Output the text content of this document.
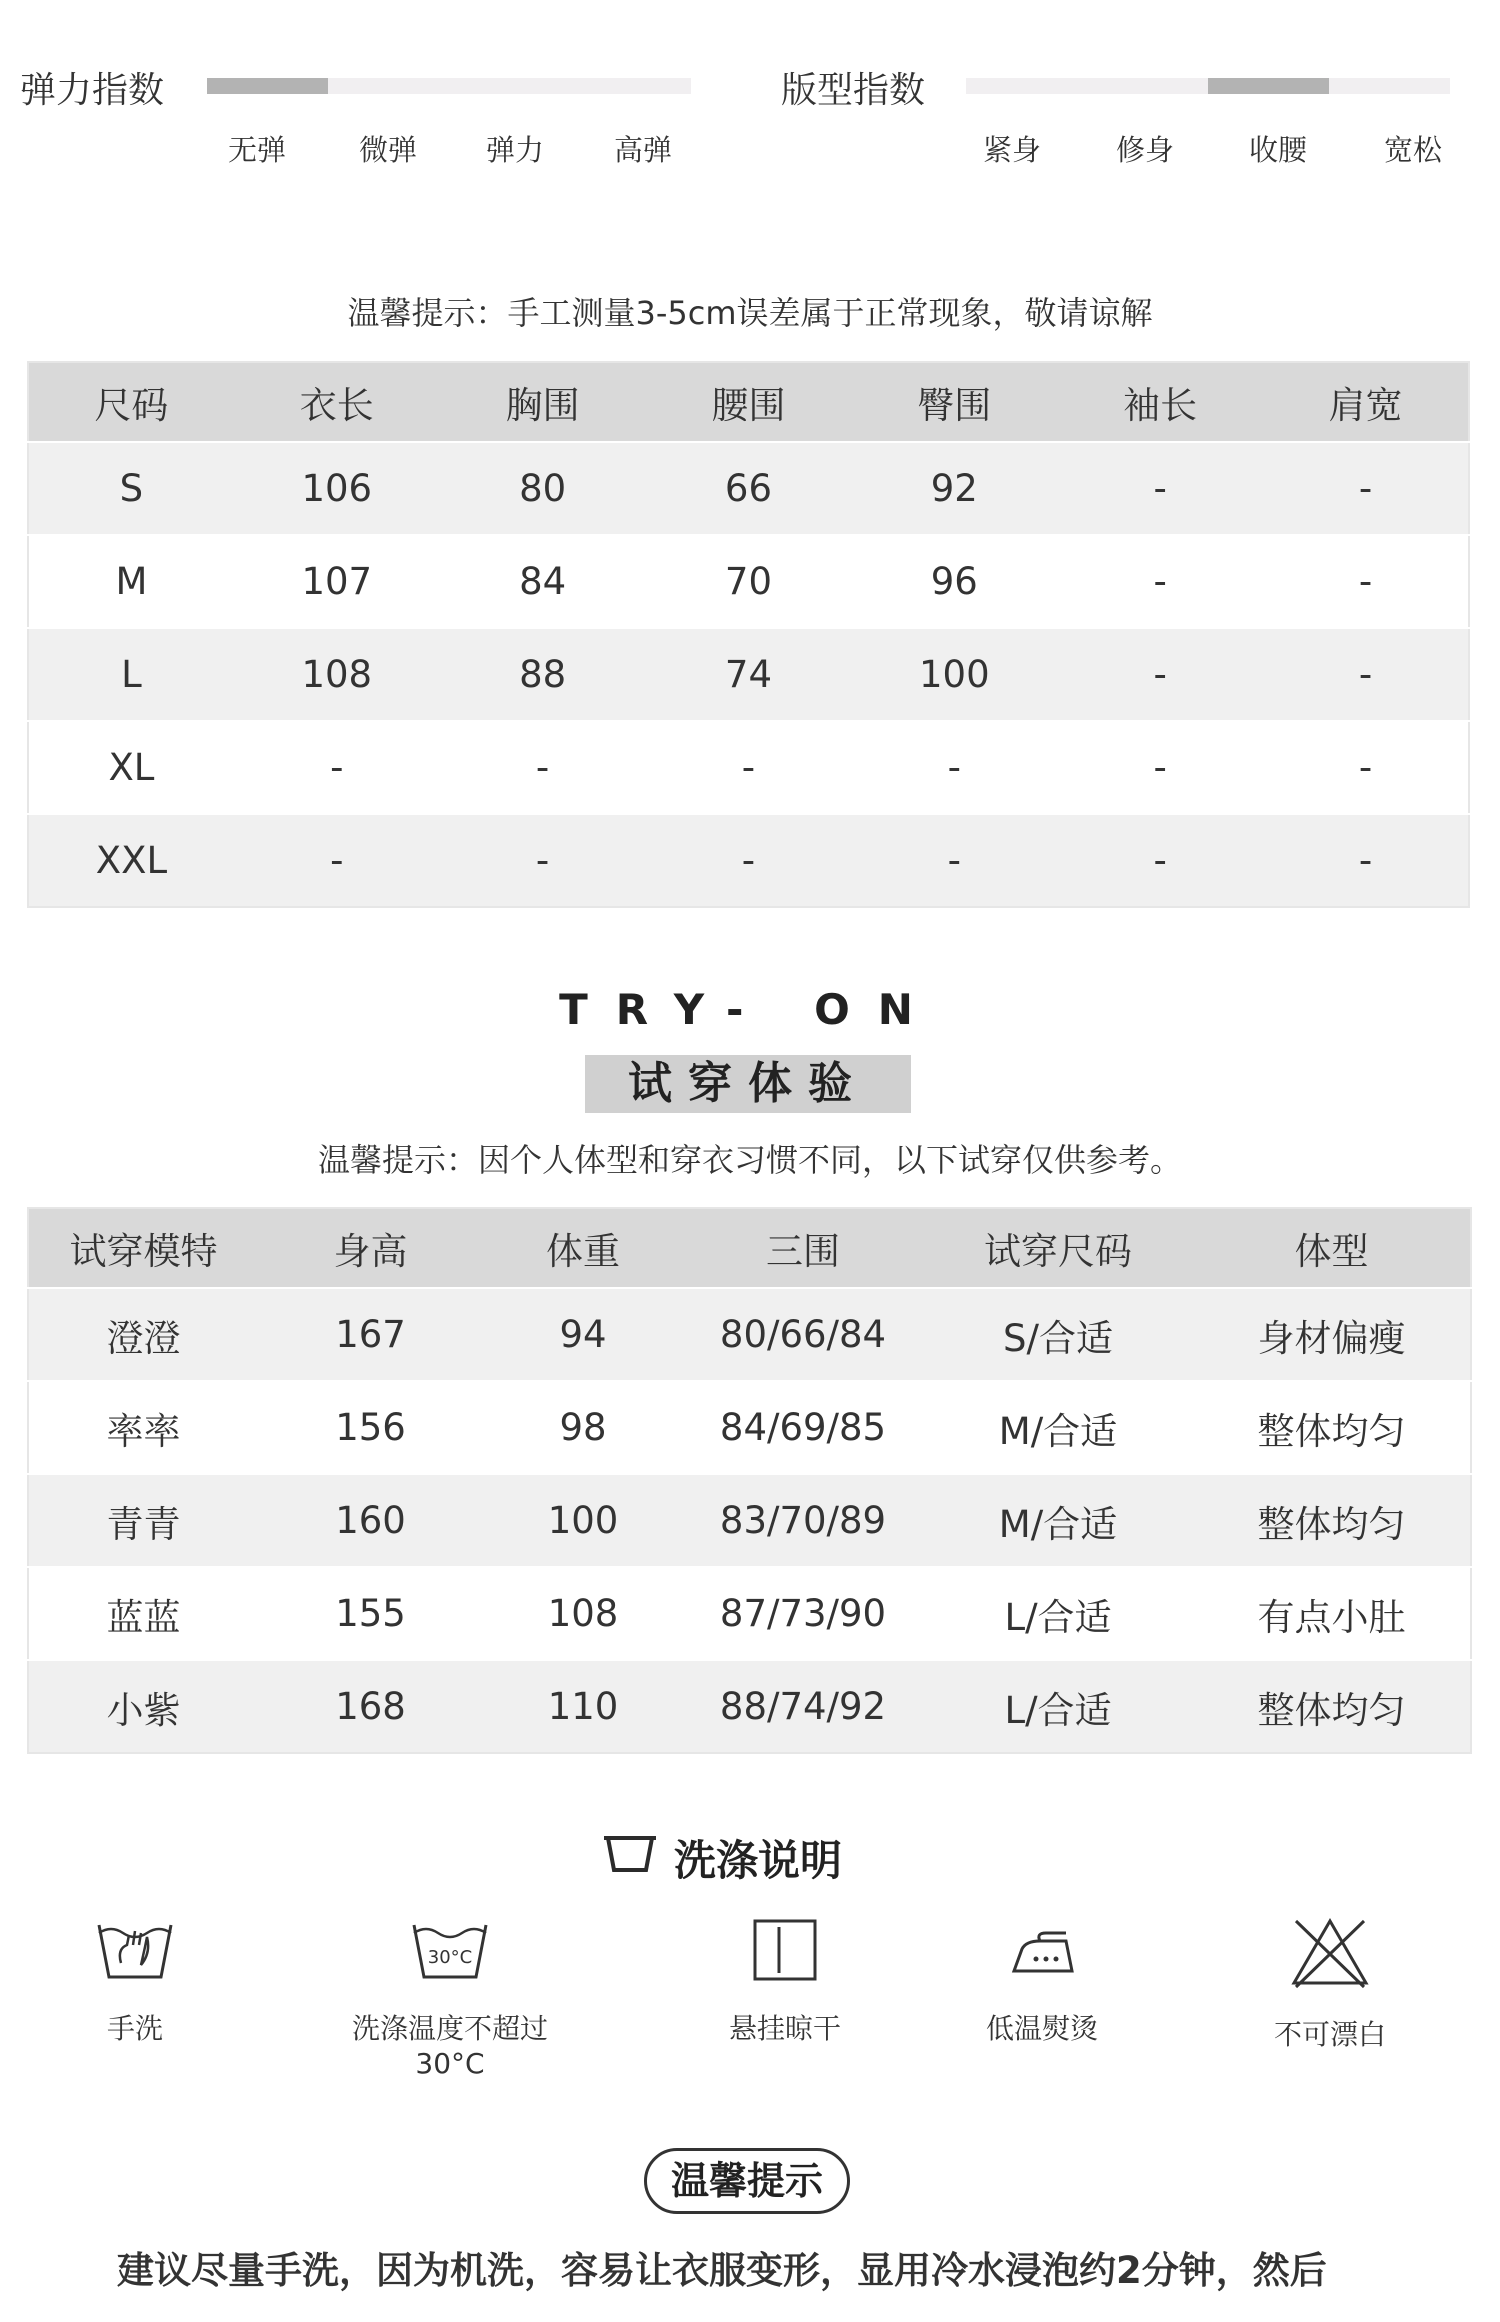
弹力指数
无弹	微弹	弹力	高弹
版型指数
紧身	修身	收腰	宽松
温馨提示：手工测量3-5cm误差属于正常现象，敬请谅解
尺码	衣长	胸围	腰围	臀围	袖长	肩宽
S	106	80	66	92	-	-
M	107	84	70	96	-	-
L	108	88	74	100	-	-
XL	-	-	-	-	-	-
XXL	-	-	-	-	-	-
TRY- ON
试穿体验
温馨提示：因个人体型和穿衣习惯不同，以下试穿仅供参考。
试穿模特	身高	体重	三围	试穿尺码	体型
澄澄	167	94	80/66/84	S/合适	身材偏瘦
率率	156	98	84/69/85	M/合适	整体均匀
青青	160	100	83/70/89	M/合适	整体均匀
蓝蓝	155	108	87/73/90	L/合适	有点小肚
小紫	168	110	88/74/92	L/合适	整体均匀
洗涤说明
手洗
30°C
洗涤温度不超过30°C
悬挂晾干	低温熨烫	不可漂白
温馨提示
建议尽量手洗，因为机洗，容易让衣服变形，显用冷水浸泡约2分钟，然后
